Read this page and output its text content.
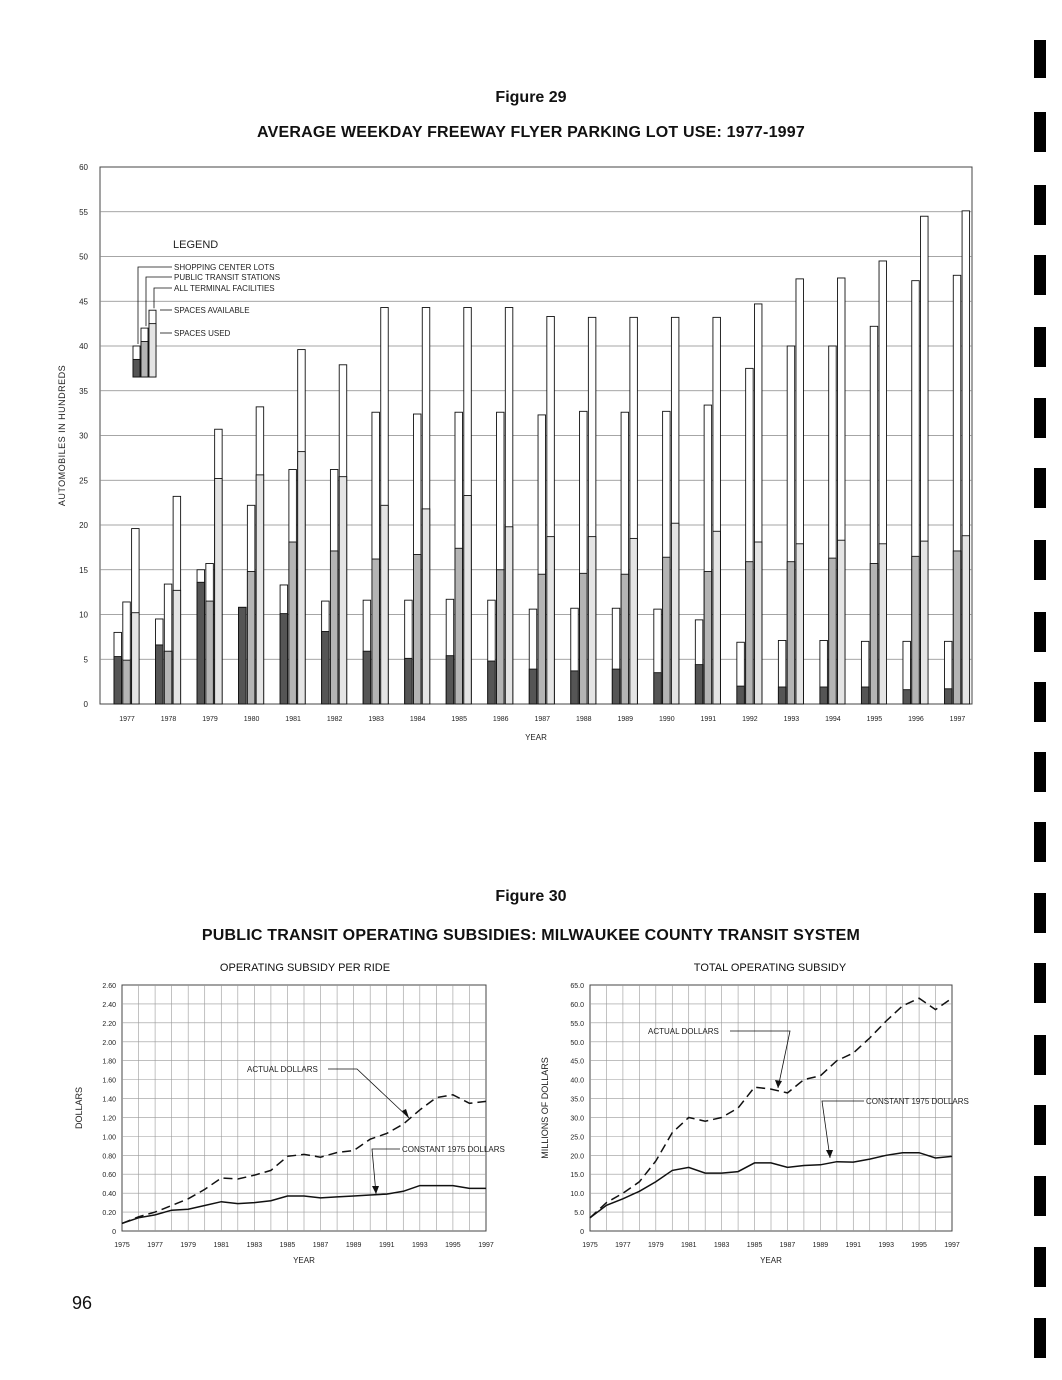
Figure 29
AVERAGE WEEKDAY FREEWAY FLYER PARKING LOT USE: 1977-1997
0
5
10
15
20
25
30
35
40
45
50
55
60
AUTOMOBILES IN HUNDREDS
YEAR
1977	1978	1979	1980	1981	1982	1983	1984	1985	1986	1987	1988	1989	1990	1991	1992	1993	1994	1995	1996	1997
LEGEND
SHOPPING CENTER LOTS
PUBLIC TRANSIT STATIONS
ALL TERMINAL FACILITIES
SPACES AVAILABLE
SPACES USED
Figure 30
PUBLIC TRANSIT OPERATING SUBSIDIES: MILWAUKEE COUNTY TRANSIT SYSTEM
OPERATING SUBSIDY PER RIDE	TOTAL OPERATING SUBSIDY
0
0.20
0.40
0.60
0.80
1.00
1.20
1.40
1.60
1.80
2.00
2.20
2.40
2.60
1975	1977	1979	1981	1983	1985	1987	1989	1991	1993	1995	1997
YEAR
DOLLARS
ACTUAL DOLLARS
CONSTANT 1975 DOLLARS
0
5.0
10.0
15.0
20.0
25.0
30.0
35.0
40.0
45.0
50.0
55.0
60.0
65.0
1975 1977 1979 1981 1983 1985 1987 1989 1991 1993 1995 1997
YEAR
MILLIONS OF DOLLARS
ACTUAL DOLLARS
CONSTANT 1975 DOLLARS
96
